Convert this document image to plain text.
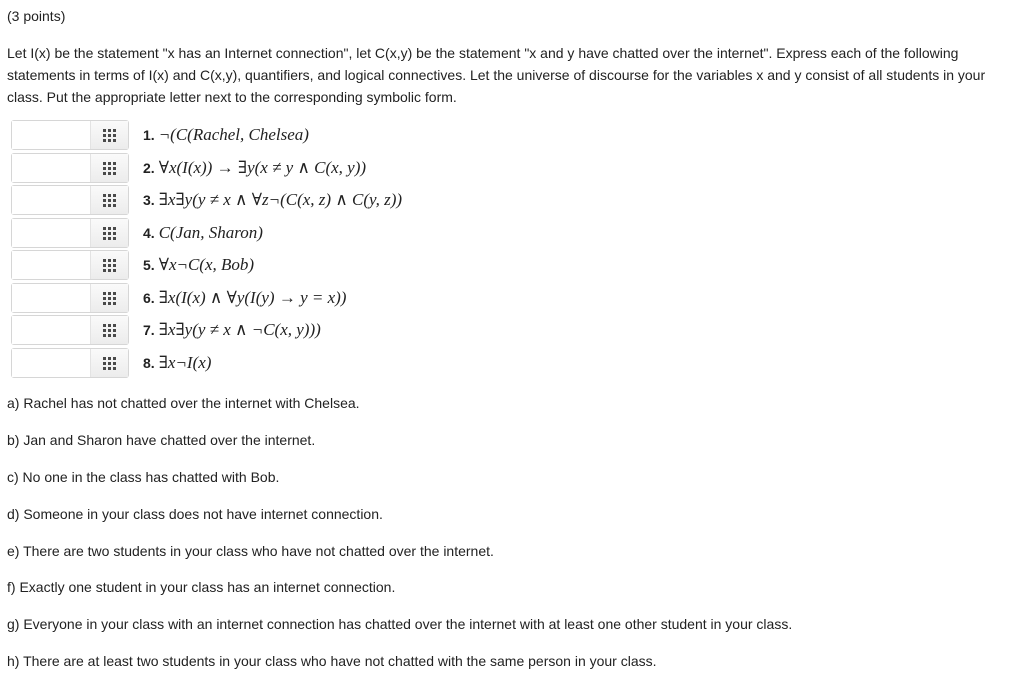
(3 points)
Let I(x) be the statement "x has an Internet connection", let C(x,y) be the statement "x and y have chatted over the internet". Express each of the following statements in terms of I(x) and C(x,y), quantifiers, and logical connectives. Let the universe of discourse for the variables x and y consist of all students in your class. Put the appropriate letter next to the corresponding symbolic form.
1. ¬(C(Rachel, Chelsea)
2. ∀x(I(x)) → ∃y(x ≠ y ∧ C(x, y))
3. ∃x∃y(y ≠ x ∧ ∀z¬(C(x, z) ∧ C(y, z))
4. C(Jan, Sharon)
5. ∀x¬C(x, Bob)
6. ∃x(I(x) ∧ ∀y(I(y) → y = x))
7. ∃x∃y(y ≠ x ∧ ¬C(x, y)))
8. ∃x¬I(x)
a) Rachel has not chatted over the internet with Chelsea.
b) Jan and Sharon have chatted over the internet.
c) No one in the class has chatted with Bob.
d) Someone in your class does not have internet connection.
e) There are two students in your class who have not chatted over the internet.
f) Exactly one student in your class has an internet connection.
g) Everyone in your class with an internet connection has chatted over the internet with at least one other student in your class.
h) There are at least two students in your class who have not chatted with the same person in your class.
